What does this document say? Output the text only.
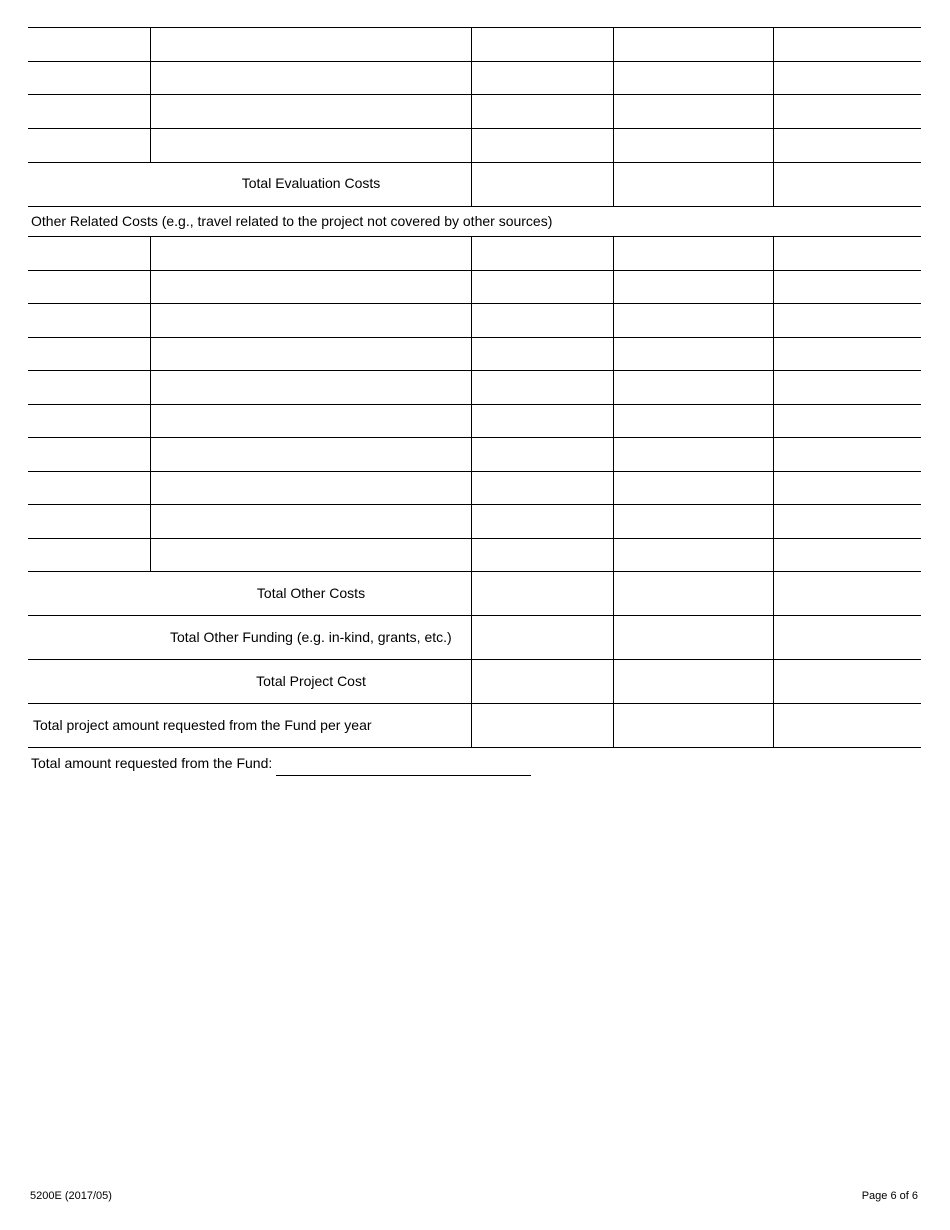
Total Evaluation Costs
Other Related Costs (e.g., travel related to the project not covered by other sources)
Total Other Costs
Total Other Funding (e.g. in-kind, grants, etc.)
Total Project Cost
Total project amount requested from the Fund per year
Total amount requested from the Fund:
5200E (2017/05)	Page 6 of 6
